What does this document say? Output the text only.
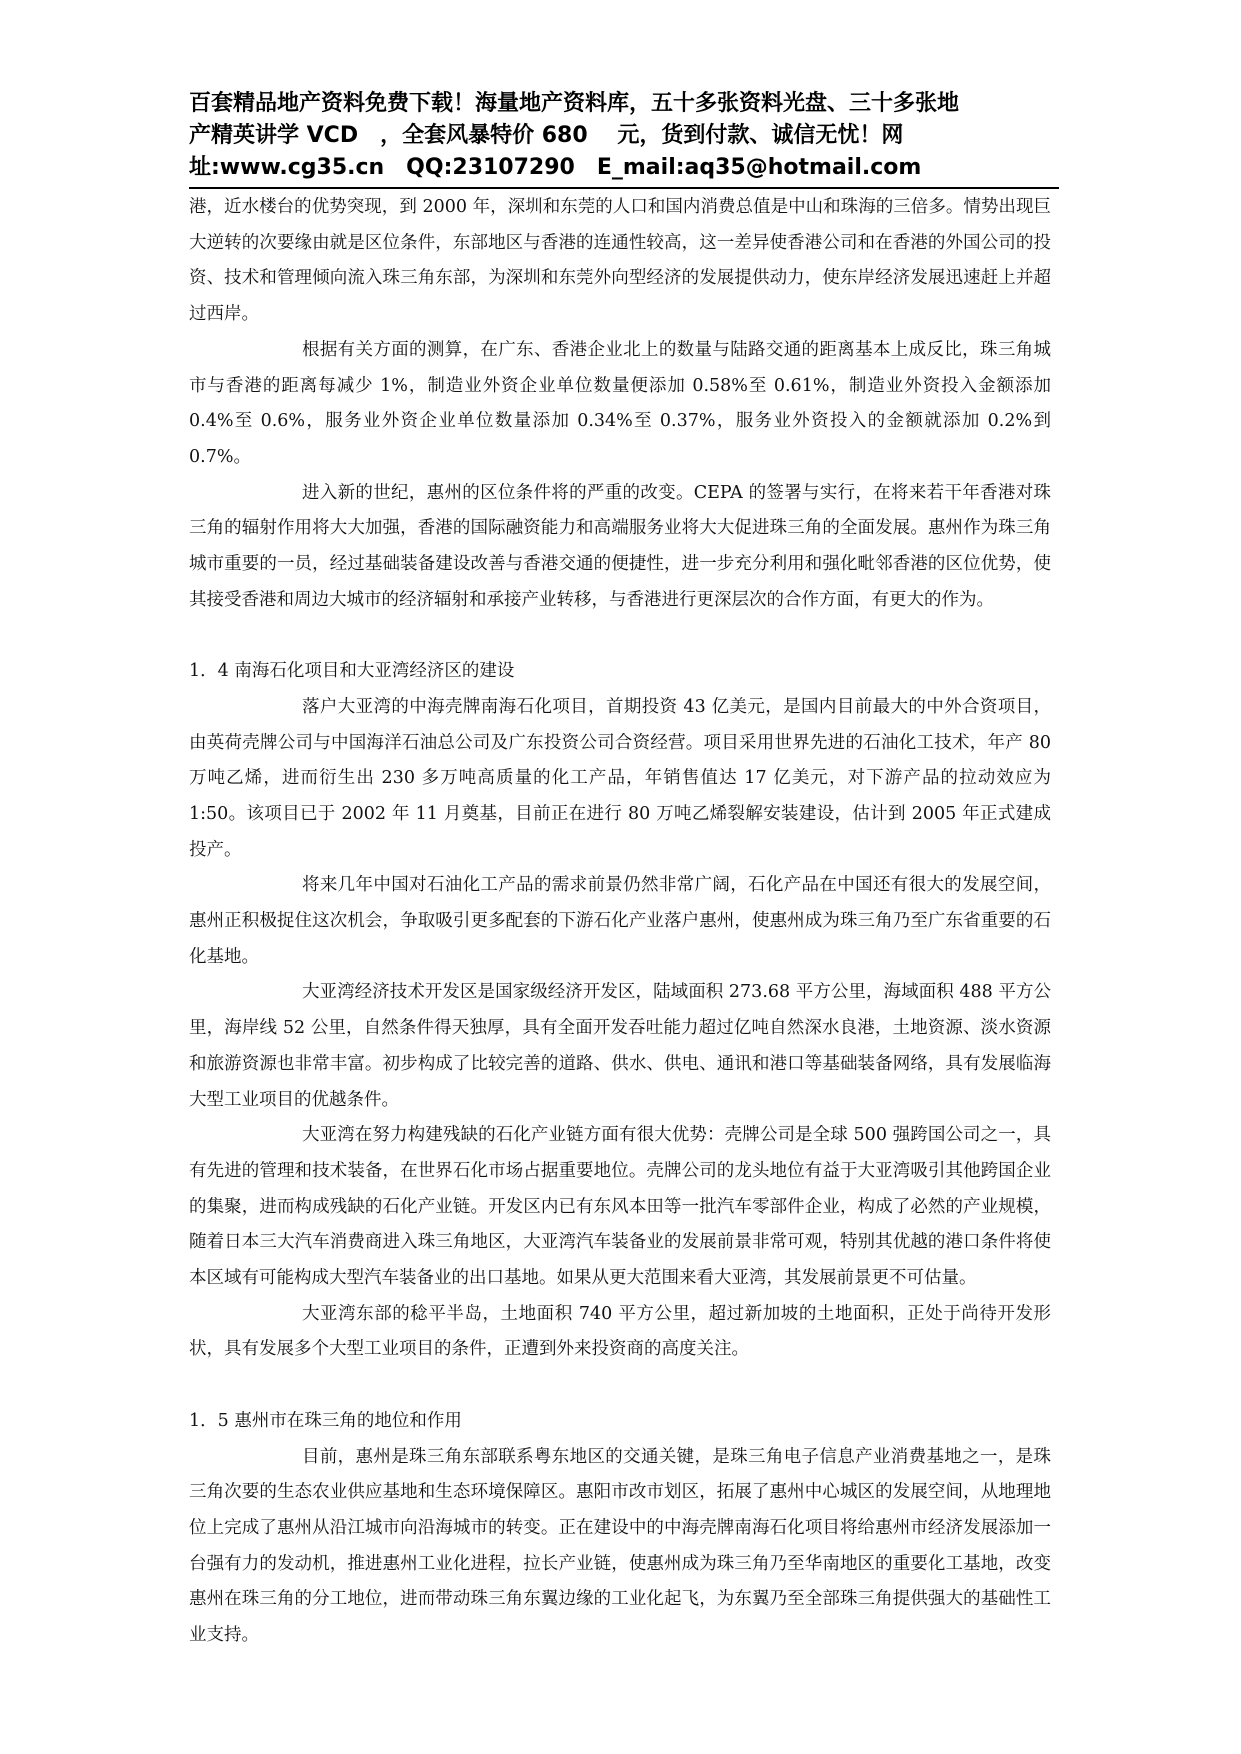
百套精品地产资料免费下载！海量地产资料库，五十多张资料光盘、三十多张地
产精英讲学 VCD　，全套风暴特价 680　 元，货到付款、诚信无忧！网
址:www.cg35.cn　QQ:23107290　E_mail:aq35@hotmail.com

港，近水楼台的优势突现，到 2000 年，深圳和东莞的人口和国内消费总值是中山和珠海的三倍多。情势出现巨大逆转的次要缘由就是区位条件，东部地区与香港的连通性较高，这一差异使香港公司和在香港的外国公司的投资、技术和管理倾向流入珠三角东部，为深圳和东莞外向型经济的发展提供动力，使东岸经济发展迅速赶上并超过西岸。

根据有关方面的测算，在广东、香港企业北上的数量与陆路交通的距离基本上成反比，珠三角城市与香港的距离每减少 1%，制造业外资企业单位数量便添加 0.58%至 0.61%，制造业外资投入金额添加 0.4%至 0.6%，服务业外资企业单位数量添加 0.34%至 0.37%，服务业外资投入的金额就添加 0.2%到 0.7%。

进入新的世纪，惠州的区位条件将的严重的改变。CEPA 的签署与实行，在将来若干年香港对珠三角的辐射作用将大大加强，香港的国际融资能力和高端服务业将大大促进珠三角的全面发展。惠州作为珠三角城市重要的一员，经过基础装备建设改善与香港交通的便捷性，进一步充分利用和强化毗邻香港的区位优势，使其接受香港和周边大城市的经济辐射和承接产业转移，与香港进行更深层次的合作方面，有更大的作为。

1．4 南海石化项目和大亚湾经济区的建设

落户大亚湾的中海壳牌南海石化项目，首期投资 43 亿美元，是国内目前最大的中外合资项目，由英荷壳牌公司与中国海洋石油总公司及广东投资公司合资经营。项目采用世界先进的石油化工技术，年产 80 万吨乙烯，进而衍生出 230 多万吨高质量的化工产品，年销售值达 17 亿美元，对下游产品的拉动效应为 1:50。该项目已于 2002 年 11 月奠基，目前正在进行 80 万吨乙烯裂解安装建设，估计到 2005 年正式建成投产。

将来几年中国对石油化工产品的需求前景仍然非常广阔，石化产品在中国还有很大的发展空间，惠州正积极捉住这次机会，争取吸引更多配套的下游石化产业落户惠州，使惠州成为珠三角乃至广东省重要的石化基地。

大亚湾经济技术开发区是国家级经济开发区，陆域面积 273.68 平方公里，海域面积 488 平方公里，海岸线 52 公里，自然条件得天独厚，具有全面开发吞吐能力超过亿吨自然深水良港，土地资源、淡水资源和旅游资源也非常丰富。初步构成了比较完善的道路、供水、供电、通讯和港口等基础装备网络，具有发展临海大型工业项目的优越条件。

大亚湾在努力构建残缺的石化产业链方面有很大优势：壳牌公司是全球 500 强跨国公司之一，具有先进的管理和技术装备，在世界石化市场占据重要地位。壳牌公司的龙头地位有益于大亚湾吸引其他跨国企业的集聚，进而构成残缺的石化产业链。开发区内已有东风本田等一批汽车零部件企业，构成了必然的产业规模，随着日本三大汽车消费商进入珠三角地区，大亚湾汽车装备业的发展前景非常可观，特别其优越的港口条件将使本区域有可能构成大型汽车装备业的出口基地。如果从更大范围来看大亚湾，其发展前景更不可估量。

大亚湾东部的稔平半岛，土地面积 740 平方公里，超过新加坡的土地面积，正处于尚待开发形状，具有发展多个大型工业项目的条件，正遭到外来投资商的高度关注。

1．5 惠州市在珠三角的地位和作用

目前，惠州是珠三角东部联系粤东地区的交通关键，是珠三角电子信息产业消费基地之一，是珠三角次要的生态农业供应基地和生态环境保障区。惠阳市改市划区，拓展了惠州中心城区的发展空间，从地理地位上完成了惠州从沿江城市向沿海城市的转变。正在建设中的中海壳牌南海石化项目将给惠州市经济发展添加一台强有力的发动机，推进惠州工业化进程，拉长产业链，使惠州成为珠三角乃至华南地区的重要化工基地，改变惠州在珠三角的分工地位，进而带动珠三角东翼边缘的工业化起飞，为东翼乃至全部珠三角提供强大的基础性工业支持。
